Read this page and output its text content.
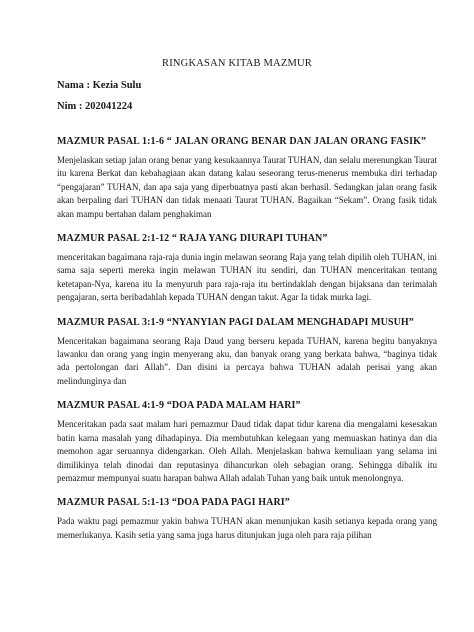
RINGKASAN KITAB MAZMUR
Nama : Kezia Sulu
Nim : 202041224

MAZMUR PASAL 1:1-6 “ JALAN ORANG BENAR DAN JALAN ORANG FASIK”

Menjelaskan setiap jalan orang benar yang kesukaannya Taurat TUHAN, dan selalu merenungkan Taurat itu karena Berkat dan kebahagiaan akan datang kalau seseorang terus-menerus membuka diri terhadap “pengajaran” TUHAN, dan apa saja yang diperbuatnya pasti akan berhasil. Sedangkan jalan orang fasik akan berpaling dari TUHAN dan tidak menaati Taurat TUHAN. Bagaikan “Sekam”. Orang fasik tidak akan mampu bertahan dalam penghakiman

MAZMUR PASAL 2:1-12 “ RAJA YANG DIURAPI TUHAN”

menceritakan bagaimana raja-raja dunia ingin melawan seorang Raja yang telah dipilih oleh TUHAN, ini sama saja seperti mereka ingin melawan TUHAN itu sendiri, dan TUHAN menceritakan tentang ketetapan-Nya, karena itu Ia menyuruh para raja-raja itu bertindaklah dengan bijaksana dan terimalah pengajaran, serta beribadahlah kepada TUHAN dengan takut. Agar Ia tidak murka lagi.

MAZMUR PASAL 3:1-9 “NYANYIAN PAGI DALAM MENGHADAPI MUSUH”

Menceritakan bagaimana seorang Raja Daud yang berseru kepada TUHAN, karena begitu banyaknya lawanku dan orang yang ingin menyerang aku, dan banyak orang yang berkata bahwa, “baginya tidak ada pertolongan dari Allah”. Dan disini ia percaya bahwa TUHAN adalah perisai yang akan melindunginya dan

MAZMUR PASAL 4:1-9 “DOA PADA MALAM HARI”

Menceritakan pada saat malam hari pemazmur Daud tidak dapat tidur karena dia mengalami kesesakan batin karna masalah yang dihadapinya. Dia membutuhkan kelegaan yang memuaskan hatinya dan dia memohon agar seruannya didengarkan. Oleh Allah. Menjelaskan bahwa kemuliaan yang selama ini dimilikinya telah dinodai dan reputasinya dihancurkan oleh sebagian orang. Sehingga dibalik itu pemazmur mempunyai suatu harapan bahwa Allah adalah Tuhan yang baik untuk menolongnya.

MAZMUR PASAL 5:1-13 “DOA PADA PAGI HARI”

Pada waktu pagi pemazmur yakin bahwa TUHAN akan menunjukan kasih setianya kepada orang yang memerlukanya. Kasih setia yang sama juga harus ditunjukan juga oleh para raja pilihan
